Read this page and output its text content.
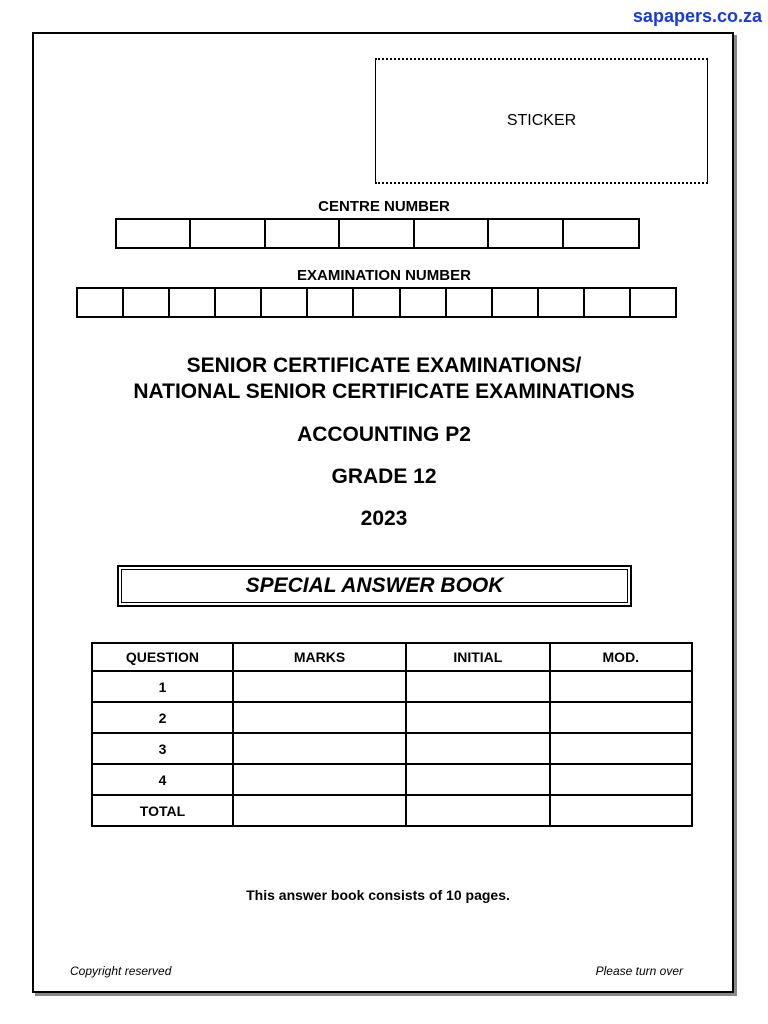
sapapers.co.za
STICKER
CENTRE NUMBER
EXAMINATION NUMBER
SENIOR CERTIFICATE EXAMINATIONS/
NATIONAL SENIOR CERTIFICATE EXAMINATIONS
ACCOUNTING P2
GRADE 12
2023
SPECIAL ANSWER BOOK
QUESTION	MARKS	INITIAL	MOD.
1			
2			
3			
4			
TOTAL			
This answer book consists of 10 pages.
Copyright reserved	Please turn over
